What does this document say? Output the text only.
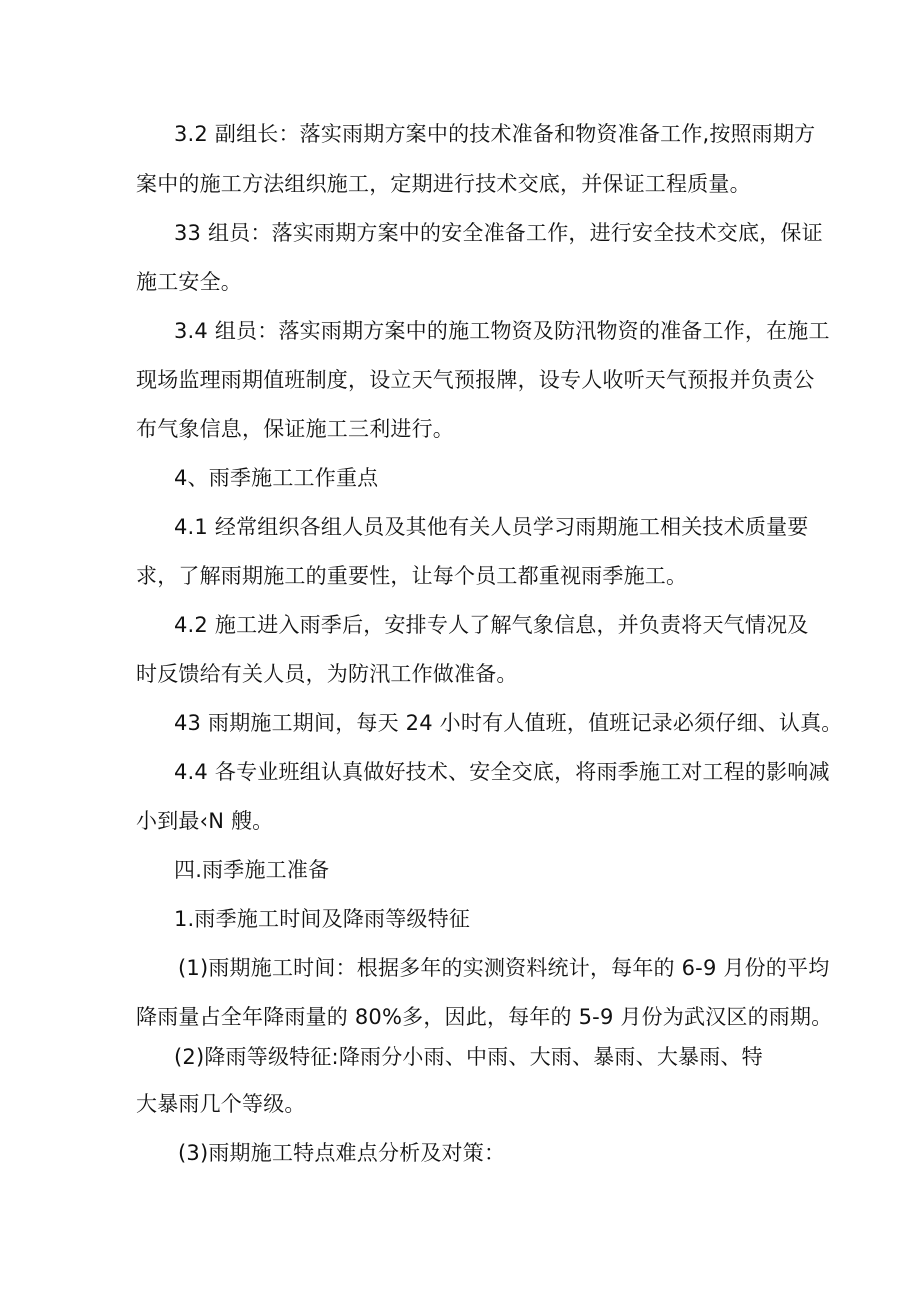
3.2 副组长：落实雨期方案中的技术准备和物资准备工作,按照雨期方
案中的施工方法组织施工，定期进行技术交底，并保证工程质量。
33 组员：落实雨期方案中的安全准备工作，进行安全技术交底，保证
施工安全。
3.4 组员：落实雨期方案中的施工物资及防汛物资的准备工作，在施工
现场监理雨期值班制度，设立天气预报牌，设专人收听天气预报并负责公
布气象信息，保证施工三利进行。
4、雨季施工工作重点
4.1 经常组织各组人员及其他有关人员学习雨期施工相关技术质量要
求，了解雨期施工的重要性，让每个员工都重视雨季施工。
4.2 施工进入雨季后，安排专人了解气象信息，并负责将天气情况及
时反馈给有关人员，为防汛工作做准备。
43 雨期施工期间，每天 24 小时有人值班，值班记录必须仔细、认真。
4.4 各专业班组认真做好技术、安全交底，将雨季施工对工程的影响减
小到最‹N 艘。
四.雨季施工准备
1.雨季施工时间及降雨等级特征
(1)雨期施工时间：根据多年的实测资料统计，每年的 6-9 月份的平均
降雨量占全年降雨量的 80%多，因此，每年的 5-9 月份为武汉区的雨期。
(2)降雨等级特征:降雨分小雨、中雨、大雨、暴雨、大暴雨、特
大暴雨几个等级。
(3)雨期施工特点难点分析及对策：
